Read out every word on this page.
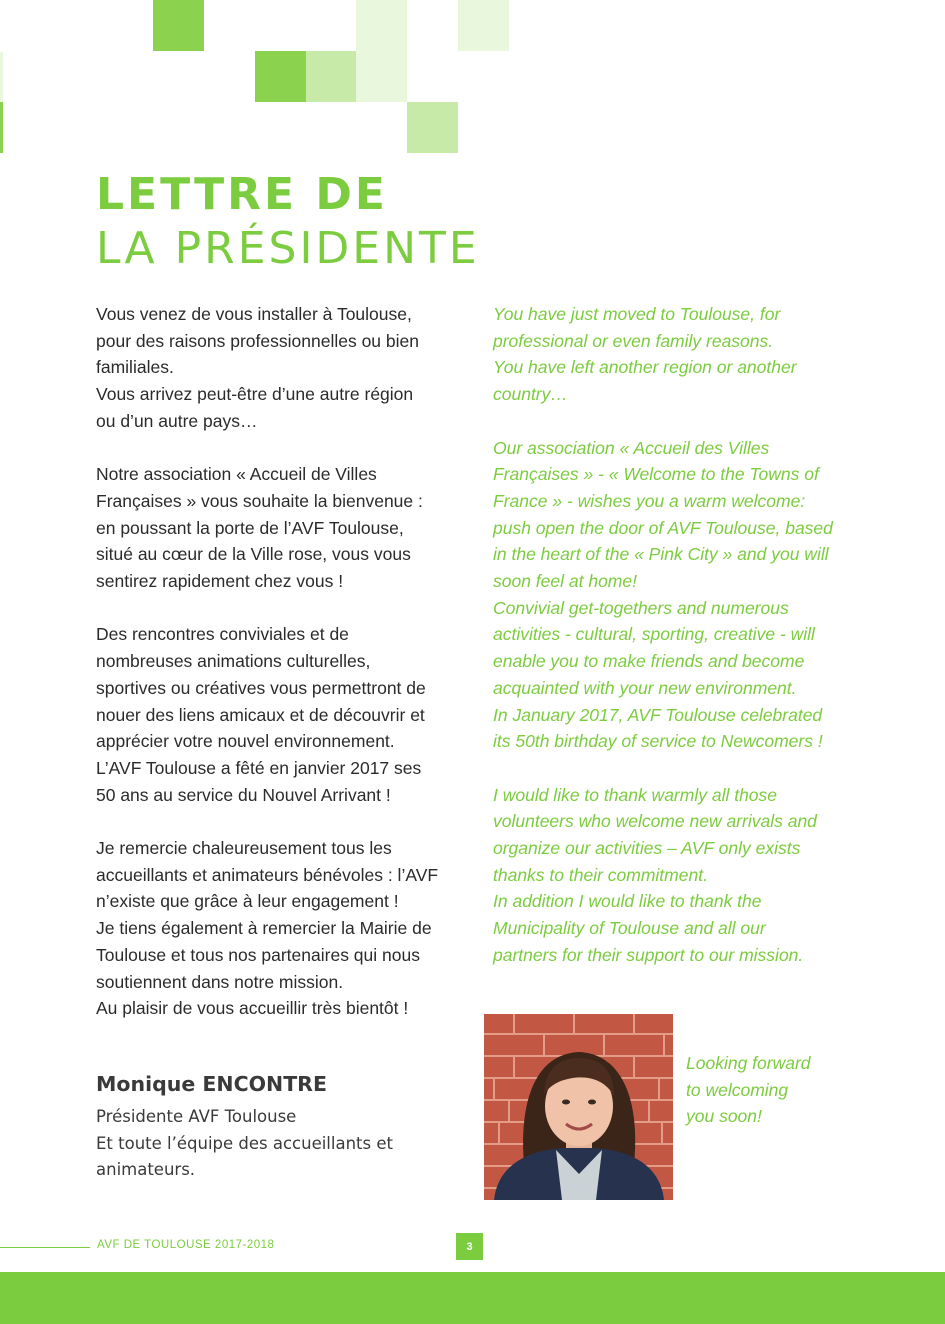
LETTRE DE
LA PRÉSIDENTE

Vous venez de vous installer à Toulouse,
pour des raisons professionnelles ou bien
familiales.
Vous arrivez peut-être d’une autre région
ou d’un autre pays…

Notre association « Accueil de Villes
Françaises » vous souhaite la bienvenue :
en poussant la porte de l’AVF Toulouse,
situé au cœur de la Ville rose, vous vous
sentirez rapidement chez vous !

Des rencontres conviviales et de
nombreuses animations culturelles,
sportives ou créatives vous permettront de
nouer des liens amicaux et de découvrir et
apprécier votre nouvel environnement.
L’AVF Toulouse a fêté en janvier 2017 ses
50 ans au service du Nouvel Arrivant !

Je remercie chaleureusement tous les
accueillants et animateurs bénévoles : l’AVF
n’existe que grâce à leur engagement !
Je tiens également à remercier la Mairie de
Toulouse et tous nos partenaires qui nous
soutiennent dans notre mission.
Au plaisir de vous accueillir très bientôt !

You have just moved to Toulouse, for
professional or even family reasons.
You have left another region or another
country…

Our association « Accueil des Villes
Françaises » - « Welcome to the Towns of
France » - wishes you a warm welcome:
push open the door of AVF Toulouse, based
in the heart of the « Pink City » and you will
soon feel at home!
Convivial get-togethers and numerous
activities - cultural, sporting, creative - will
enable you to make friends and become
acquainted with your new environment.
In January 2017, AVF Toulouse celebrated
its 50th birthday of service to Newcomers !

I would like to thank warmly all those
volunteers who welcome new arrivals and
organize our activities – AVF only exists
thanks to their commitment.
In addition I would like to thank the
Municipality of Toulouse and all our
partners for their support to our mission.

Monique ENCONTRE
Présidente AVF Toulouse
Et toute l’équipe des accueillants et
animateurs.
Looking forward
to welcoming
you soon!
AVF DE TOULOUSE 2017-2018	3
